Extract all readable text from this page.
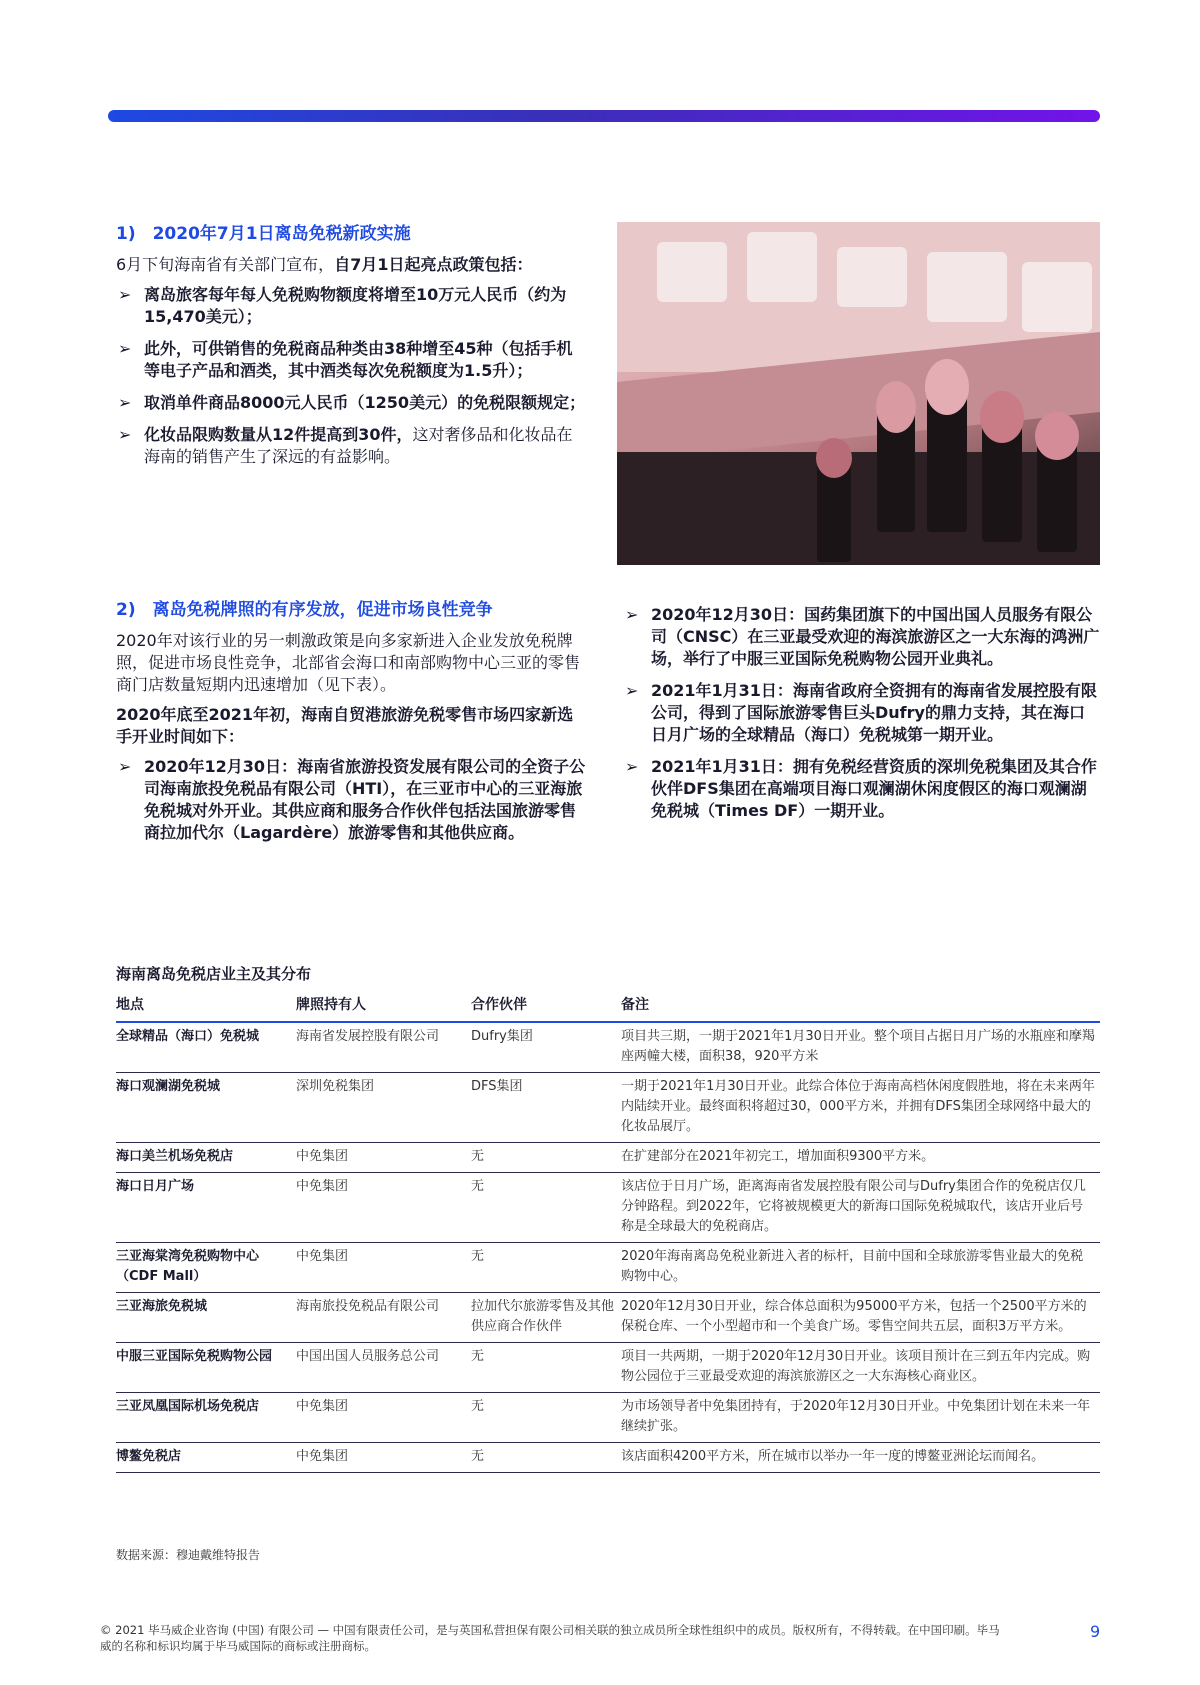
1)　2020年7月1日离岛免税新政实施

6月下旬海南省有关部门宣布，自7月1日起亮点政策包括：

➢ 离岛旅客每年每人免税购物额度将增至10万元人民币（约为15,470美元）；
➢ 此外，可供销售的免税商品种类由38种增至45种（包括手机等电子产品和酒类，其中酒类每次免税额度为1.5升）；
➢ 取消单件商品8000元人民币（1250美元）的免税限额规定；
➢ 化妆品限购数量从12件提高到30件，这对奢侈品和化妆品在海南的销售产生了深远的有益影响。
2)　离岛免税牌照的有序发放，促进市场良性竞争

2020年对该行业的另一刺激政策是向多家新进入企业发放免税牌照，促进市场良性竞争，北部省会海口和南部购物中心三亚的零售商门店数量短期内迅速增加（见下表）。

2020年底至2021年初，海南自贸港旅游免税零售市场四家新选手开业时间如下：

➢ 2020年12月30日：海南省旅游投资发展有限公司的全资子公司海南旅投免税品有限公司（HTI），在三亚市中心的三亚海旅免税城对外开业。其供应商和服务合作伙伴包括法国旅游零售商拉加代尔（Lagardère）旅游零售和其他供应商。
➢ 2020年12月30日：国药集团旗下的中国出国人员服务有限公司（CNSC）在三亚最受欢迎的海滨旅游区之一大东海的鸿洲广场，举行了中服三亚国际免税购物公园开业典礼。
➢ 2021年1月31日：海南省政府全资拥有的海南省发展控股有限公司，得到了国际旅游零售巨头Dufry的鼎力支持，其在海口日月广场的全球精品（海口）免税城第一期开业。
➢ 2021年1月31日：拥有免税经营资质的深圳免税集团及其合作伙伴DFS集团在高端项目海口观澜湖休闲度假区的海口观澜湖免税城（Times DF）一期开业。
海南离岛免税店业主及其分布
地点	牌照持有人	合作伙伴	备注
全球精品（海口）免税城	海南省发展控股有限公司	Dufry集团	项目共三期，一期于2021年1月30日开业。整个项目占据日月广场的水瓶座和摩羯座两幢大楼，面积38，920平方米
海口观澜湖免税城	深圳免税集团	DFS集团	一期于2021年1月30日开业。此综合体位于海南高档休闲度假胜地，将在未来两年内陆续开业。最终面积将超过30，000平方米，并拥有DFS集团全球网络中最大的化妆品展厅。
海口美兰机场免税店	中免集团	无	在扩建部分在2021年初完工，增加面积9300平方米。
海口日月广场	中免集团	无	该店位于日月广场，距离海南省发展控股有限公司与Dufry集团合作的免税店仅几分钟路程。到2022年，它将被规模更大的新海口国际免税城取代，该店开业后号称是全球最大的免税商店。
三亚海棠湾免税购物中心（CDF Mall）	中免集团	无	2020年海南离岛免税业新进入者的标杆，目前中国和全球旅游零售业最大的免税购物中心。
三亚海旅免税城	海南旅投免税品有限公司	拉加代尔旅游零售及其他供应商合作伙伴	2020年12月30日开业，综合体总面积为95000平方米，包括一个2500平方米的保税仓库、一个小型超市和一个美食广场。零售空间共五层，面积3万平方米。
中服三亚国际免税购物公园	中国出国人员服务总公司	无	项目一共两期，一期于2020年12月30日开业。该项目预计在三到五年内完成。购物公园位于三亚最受欢迎的海滨旅游区之一大东海核心商业区。
三亚凤凰国际机场免税店	中免集团	无	为市场领导者中免集团持有，于2020年12月30日开业。中免集团计划在未来一年继续扩张。
博鳌免税店	中免集团	无	该店面积4200平方米，所在城市以举办一年一度的博鳌亚洲论坛而闻名。
数据来源：穆迪戴维特报告
© 2021 毕马威企业咨询 (中国) 有限公司 — 中国有限责任公司，是与英国私营担保有限公司相关联的独立成员所全球性组织中的成员。版权所有，不得转载。在中国印刷。毕马威的名称和标识均属于毕马威国际的商标或注册商标。
9
